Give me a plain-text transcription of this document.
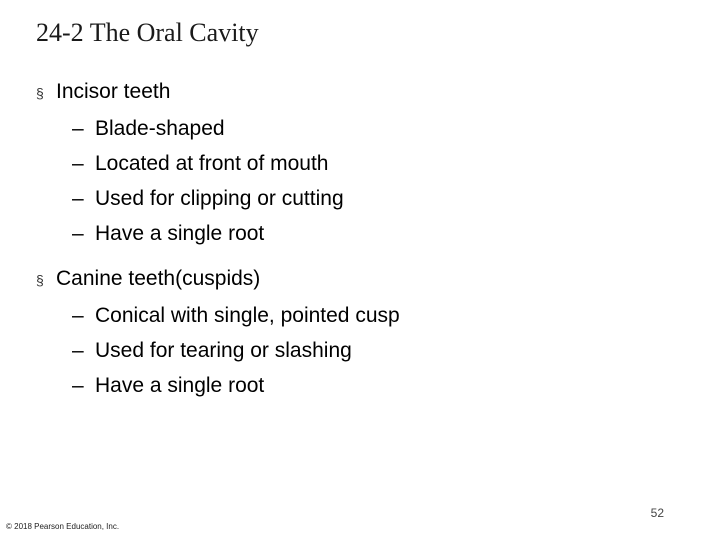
24-2 The Oral Cavity
§ Incisor teeth
– Blade-shaped
– Located at front of mouth
– Used for clipping or cutting
– Have a single root
§ Canine teeth (cuspids)
– Conical with single, pointed cusp
– Used for tearing or slashing
– Have a single root
52
© 2018 Pearson Education, Inc.
